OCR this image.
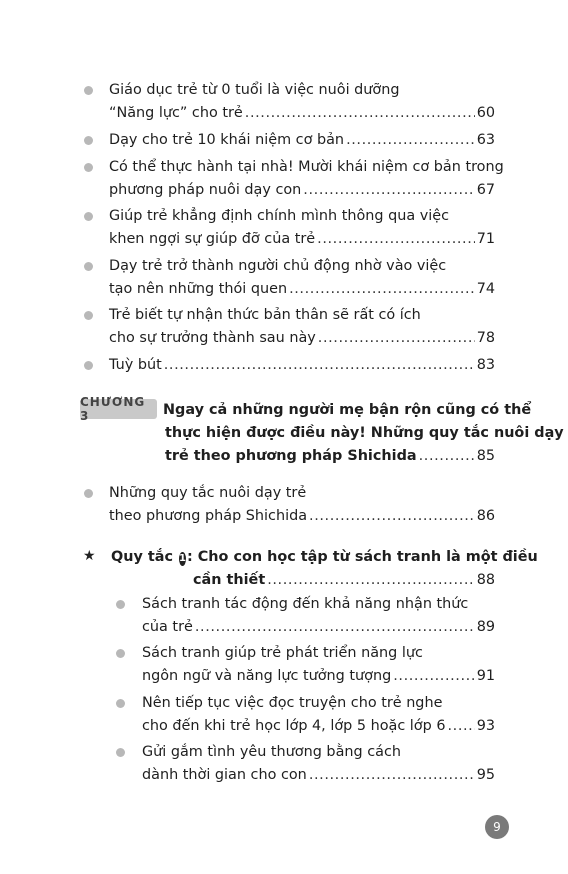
Giáo dục trẻ từ 0 tuổi là việc nuôi dưỡng
“Năng lực” cho trẻ .....	60
Dạy cho trẻ 10 khái niệm cơ bản .....	63
Có thể thực hành tại nhà! Mười khái niệm cơ bản trong
phương pháp nuôi dạy con .....	67
Giúp trẻ khẳng định chính mình thông qua việc
khen ngợi sự giúp đỡ của trẻ .....	71
Dạy trẻ trở thành người chủ động nhờ vào việc
tạo nên những thói quen .....	74
Trẻ biết tự nhận thức bản thân sẽ rất có ích
cho sự trưởng thành sau này .....	78
Tuỳ bút .....	83
CHƯƠNG 3	Ngay cả những người mẹ bận rộn cũng có thể
thực hiện được điều này! Những quy tắc nuôi dạy
trẻ theo phương pháp Shichida .....	85
Những quy tắc nuôi dạy trẻ
theo phương pháp Shichida .....	86
★ Quy tắc
1 : Cho con học tập từ sách tranh là một điều
cần thiết .....	88
Sách tranh tác động đến khả năng nhận thức
của trẻ .....	89
Sách tranh giúp trẻ phát triển năng lực
ngôn ngữ và năng lực tưởng tượng .....	91
Nên tiếp tục việc đọc truyện cho trẻ nghe
cho đến khi trẻ học lớp 4, lớp 5 hoặc lớp 6 ..... 93
Gửi gắm tình yêu thương bằng cách
dành thời gian cho con .....	95
9
